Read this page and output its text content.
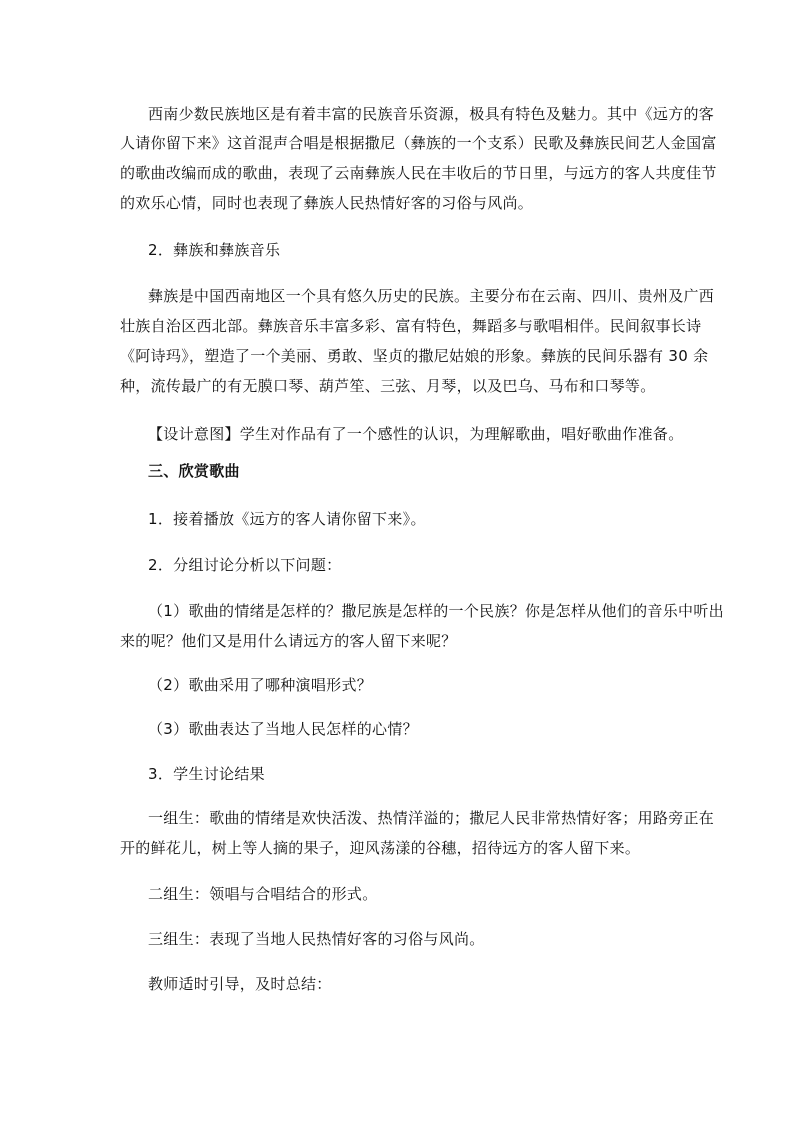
西南少数民族地区是有着丰富的民族音乐资源，极具有特色及魅力。其中《远方的客
人请你留下来》这首混声合唱是根据撒尼（彝族的一个支系）民歌及彝族民间艺人金国富
的歌曲改编而成的歌曲，表现了云南彝族人民在丰收后的节日里，与远方的客人共度佳节
的欢乐心情，同时也表现了彝族人民热情好客的习俗与风尚。
2．彝族和彝族音乐
彝族是中国西南地区一个具有悠久历史的民族。主要分布在云南、四川、贵州及广西
壮族自治区西北部。彝族音乐丰富多彩、富有特色，舞蹈多与歌唱相伴。民间叙事长诗
《阿诗玛》，塑造了一个美丽、勇敢、坚贞的撒尼姑娘的形象。彝族的民间乐器有 30 余
种，流传最广的有无膜口琴、葫芦笙、三弦、月琴，以及巴乌、马布和口琴等。
【设计意图】学生对作品有了一个感性的认识，为理解歌曲，唱好歌曲作准备。
三、欣赏歌曲
1．接着播放《远方的客人请你留下来》。
2．分组讨论分析以下问题：
（1）歌曲的情绪是怎样的？撒尼族是怎样的一个民族？你是怎样从他们的音乐中听出
来的呢？他们又是用什么请远方的客人留下来呢？
（2）歌曲采用了哪种演唱形式？
（3）歌曲表达了当地人民怎样的心情？
3．学生讨论结果
一组生：歌曲的情绪是欢快活泼、热情洋溢的；撒尼人民非常热情好客；用路旁正在
开的鲜花儿，树上等人摘的果子，迎风荡漾的谷穗，招待远方的客人留下来。
二组生：领唱与合唱结合的形式。
三组生：表现了当地人民热情好客的习俗与风尚。
教师适时引导，及时总结：
